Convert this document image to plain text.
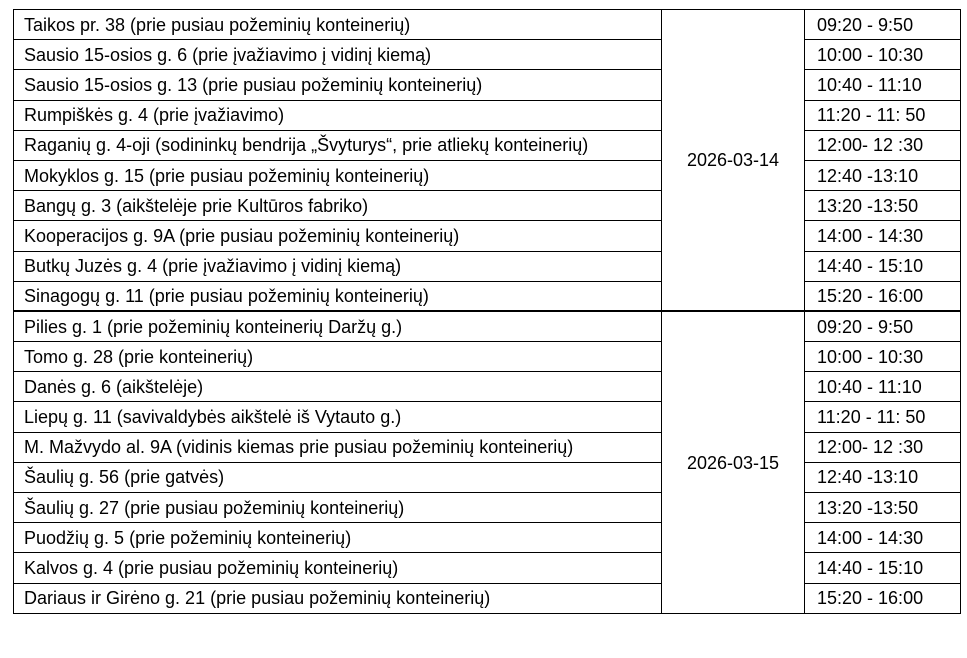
Taikos pr. 38 (prie pusiau požeminių konteinerių)	2026-03-14	09:20 - 9:50
Sausio 15-osios g. 6 (prie įvažiavimo į vidinį kiemą)		10:00 - 10:30
Sausio 15-osios g. 13 (prie pusiau požeminių konteinerių)		10:40 - 11:10
Rumpiškės g. 4 (prie įvažiavimo)		11:20 - 11: 50
Raganių g. 4-oji (sodininkų bendrija „Švyturys“, prie atliekų konteinerių)		12:00- 12 :30
Mokyklos g. 15 (prie pusiau požeminių konteinerių)		12:40 -13:10
Bangų g. 3 (aikštelėje prie Kultūros fabriko)		13:20 -13:50
Kooperacijos g. 9A (prie pusiau požeminių konteinerių)		14:00 - 14:30
Butkų Juzės g. 4 (prie įvažiavimo į vidinį kiemą)		14:40 - 15:10
Sinagogų g. 11 (prie pusiau požeminių konteinerių)		15:20 - 16:00
Pilies g. 1 (prie požeminių konteinerių Daržų g.)	2026-03-15	09:20 - 9:50
Tomo g. 28 (prie konteinerių)		10:00 - 10:30
Danės g. 6 (aikštelėje)		10:40 - 11:10
Liepų g. 11 (savivaldybės aikštelė iš Vytauto g.)		11:20 - 11: 50
M. Mažvydo al. 9A (vidinis kiemas prie pusiau požeminių konteinerių)		12:00- 12 :30
Šaulių g. 56 (prie gatvės)		12:40 -13:10
Šaulių g. 27 (prie pusiau požeminių konteinerių)		13:20 -13:50
Puodžių g. 5 (prie požeminių konteinerių)		14:00 - 14:30
Kalvos g. 4 (prie pusiau požeminių konteinerių)		14:40 - 15:10
Dariaus ir Girėno g. 21 (prie pusiau požeminių konteinerių)		15:20 - 16:00
